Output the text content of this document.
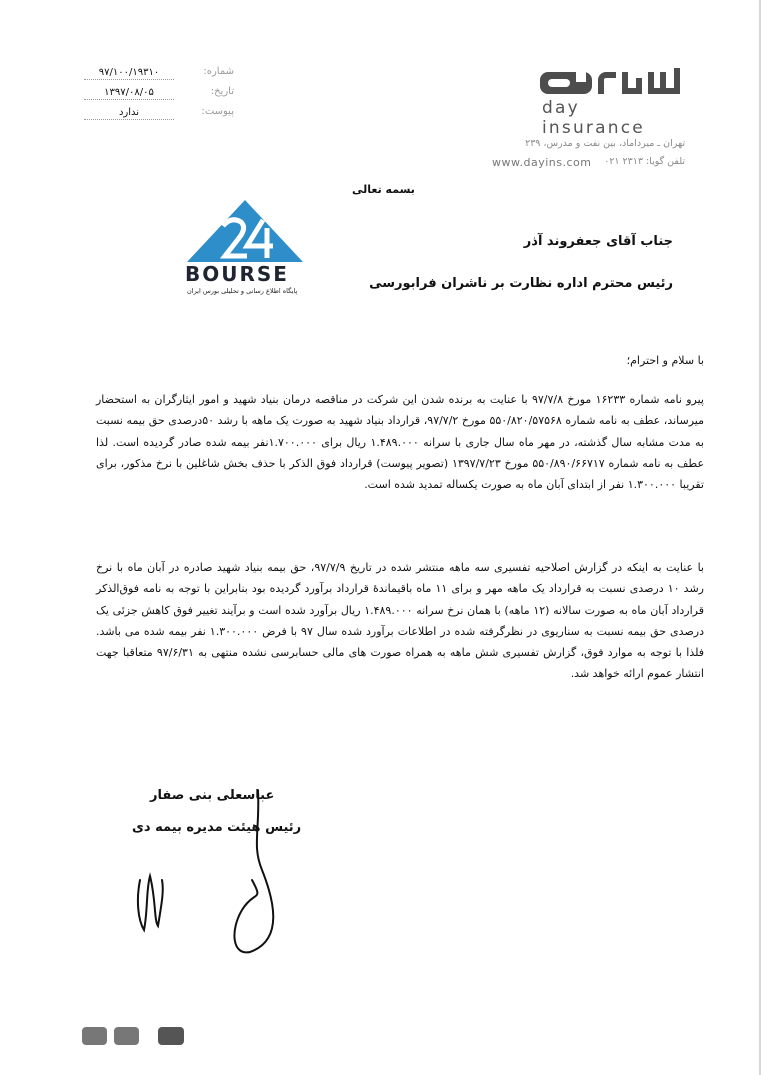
شماره:
۹۷/۱۰۰/۱۹۳۱۰
تاریخ:
۱۳۹۷/۰۸/۰۵
پیوست:
ندارد	day insurance
تهران ـ میرداماد، بین نفت و مدرس، ۲۳۹
تلفن گویا: ۲۳۱۳ ۰۲۱
www.dayins.com
بسمه تعالی
BOURSE
پایگاه اطلاع رسانی و تحلیلی بورس ایران
جناب آقای جعفروند آذر
رئیس محترم اداره نظارت بر ناشران فرابورسی
با سلام و احترام؛
پیرو نامه شماره ۱۶۲۳۳ مورخ ۹۷/۷/۸ با عنایت به برنده شدن این شرکت در مناقصه درمان بنیاد شهید و امور ایثارگران به استحضار میرساند، عطف به نامه شماره ۵۵۰/۸۲۰/۵۷۵۶۸ مورخ ۹۷/۷/۲، قرارداد بنیاد شهید به صورت یک ماهه با رشد ۵۰درصدی حق بیمه نسبت به مدت مشابه سال گذشته، در مهر ماه سال جاری با سرانه ۱.۴۸۹.۰۰۰ ریال برای ۱.۷۰۰.۰۰۰نفر بیمه شده صادر گردیده است. لذا عطف به نامه شماره ۵۵۰/۸۹۰/۶۶۷۱۷ مورخ ۱۳۹۷/۷/۲۳ (تصویر پیوست) قرارداد فوق الذکر با حذف بخش شاغلین با نرخ مذکور، برای تقریبا ۱.۳۰۰.۰۰۰ نفر از ابتدای آبان ماه به صورت یکساله تمدید شده است.
با عنایت به اینکه در گزارش اصلاحیه تفسیری سه ماهه منتشر شده در تاریخ ۹۷/۷/۹، حق بیمه بنیاد شهید صادره در آبان ماه با نرخ رشد ۱۰ درصدی نسبت به قرارداد یک ماهه مهر و برای ۱۱ ماه باقیماندهٔ قرارداد برآورد گردیده بود بنابراین با توجه به نامه فوق‌الذکر قرارداد آبان ماه به صورت سالانه (۱۲ ماهه) با همان نرخ سرانه ۱.۴۸۹.۰۰۰ ریال برآورد شده است و برآیند تغییر فوق کاهش جزئی یک درصدی حق بیمه نسبت به سناریوی در نظرگرفته شده در اطلاعات برآورد شده سال ۹۷ با فرض ۱.۳۰۰.۰۰۰ نفر بیمه شده می باشد. فلذا با توجه به موارد فوق، گزارش تفسیری شش ماهه به همراه صورت های مالی حسابرسی نشده منتهی به ۹۷/۶/۳۱ متعاقبا جهت انتشار عموم ارائه خواهد شد.
عباسعلی بنی صفار
رئیس هیئت مدیره بیمه دی
